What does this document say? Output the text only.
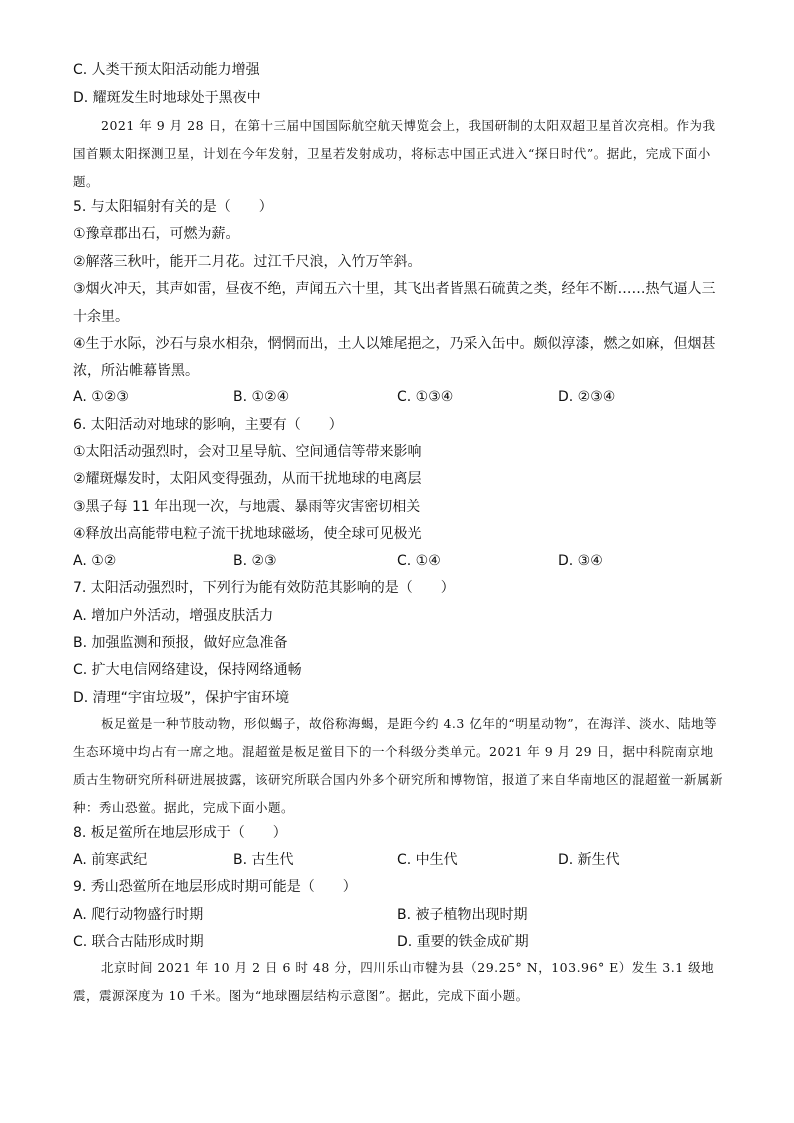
C. 人类干预太阳活动能力增强
D. 耀斑发生时地球处于黑夜中
2021 年 9 月 28 日，在第十三届中国国际航空航天博览会上，我国研制的太阳双超卫星首次亮相。作为我国首颗太阳探测卫星，计划在今年发射，卫星若发射成功，将标志中国正式进入“探日时代”。据此，完成下面小题。
5. 与太阳辐射有关的是（　　）
①豫章郡出石，可燃为薪。
②解落三秋叶，能开二月花。过江千尺浪，入竹万竿斜。
③烟火冲天，其声如雷，昼夜不绝，声闻五六十里，其飞出者皆黑石硫黄之类，经年不断……热气逼人三
十余里。
④生于水际，沙石与泉水相杂，惘惘而出，土人以雉尾挹之，乃采入缶中。颇似淳漆，燃之如麻，但烟甚
浓，所沾帷幕皆黑。
A. ①②③	B. ①②④	C. ①③④	D. ②③④
6. 太阳活动对地球的影响，主要有（　　）
①太阳活动强烈时，会对卫星导航、空间通信等带来影响
②耀斑爆发时，太阳风变得强劲，从而干扰地球的电离层
③黑子每 11 年出现一次，与地震、暴雨等灾害密切相关
④释放出高能带电粒子流干扰地球磁场，使全球可见极光
A. ①②	B. ②③	C. ①④	D. ③④
7. 太阳活动强烈时，下列行为能有效防范其影响的是（　　）
A. 增加户外活动，增强皮肤活力
B. 加强监测和预报，做好应急准备
C. 扩大电信网络建设，保持网络通畅
D. 清理“宇宙垃圾”，保护宇宙环境
板足鲎是一种节肢动物，形似蝎子，故俗称海蝎，是距今约 4.3 亿年的“明星动物”，在海洋、淡水、陆地等生态环境中均占有一席之地。混超鲎是板足鲎目下的一个科级分类单元。2021 年 9 月 29 日，据中科院南京地质古生物研究所科研进展披露，该研究所联合国内外多个研究所和博物馆，报道了来自华南地区的混超鲎一新属新种：秀山恐鲎。据此，完成下面小题。
8. 板足鲎所在地层形成于（　　）
A. 前寒武纪	B. 古生代	C. 中生代	D. 新生代
9. 秀山恐鲎所在地层形成时期可能是（　　）
A. 爬行动物盛行时期	B. 被子植物出现时期
C. 联合古陆形成时期	D. 重要的铁金成矿期
北京时间 2021 年 10 月 2 日 6 时 48 分，四川乐山市犍为县（29.25° N，103.96° E）发生 3.1 级地震，震源深度为 10 千米。图为“地球圈层结构示意图”。据此，完成下面小题。
